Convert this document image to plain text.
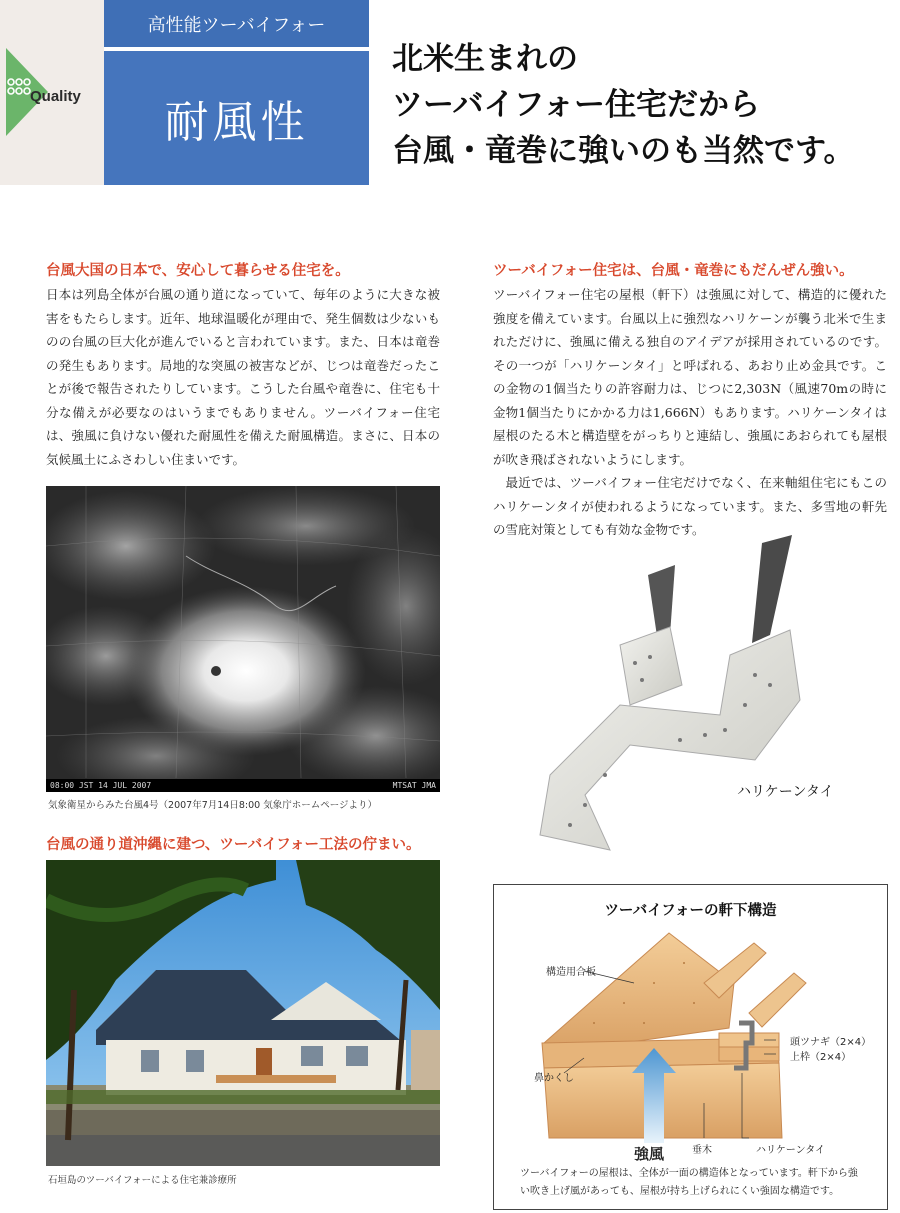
Quality
高性能ツーバイフォー
耐風性
北米生まれの
ツーバイフォー住宅だから
台風・竜巻に強いのも当然です。
台風大国の日本で、安心して暮らせる住宅を。
日本は列島全体が台風の通り道になっていて、毎年のように大きな被害をもたらします。近年、地球温暖化が理由で、発生個数は少ないものの台風の巨大化が進んでいると言われています。また、日本は竜巻の発生もあります。局地的な突風の被害などが、じつは竜巻だったことが後で報告されたりしています。こうした台風や竜巻に、住宅も十分な備えが必要なのはいうまでもありません。ツーバイフォー住宅は、強風に負けない優れた耐風性を備えた耐風構造。まさに、日本の気候風土にふさわしい住まいです。
08:00 JST 14 JUL 2007	MTSAT JMA
気象衛星からみた台風4号（2007年7月14日8:00 気象庁ホームページより）
台風の通り道沖縄に建つ、ツーバイフォー工法の佇まい。
石垣島のツーバイフォーによる住宅兼診療所
ツーバイフォー住宅は、台風・竜巻にもだんぜん強い。
ツーバイフォー住宅の屋根（軒下）は強風に対して、構造的に優れた強度を備えています。台風以上に強烈なハリケーンが襲う北米で生まれただけに、強風に備える独自のアイデアが採用されているのです。その一つが「ハリケーンタイ」と呼ばれる、あおり止め金具です。この金物の1個当たりの許容耐力は、じつに2,303N（風速70mの時に金物1個当たりにかかる力は1,666N）もあります。ハリケーンタイは屋根のたる木と構造壁をがっちりと連結し、強風にあおられても屋根が吹き飛ばされないようにします。
最近では、ツーバイフォー住宅だけでなく、在来軸組住宅にもこのハリケーンタイが使われるようになっています。また、多雪地の軒先の雪庇対策としても有効な金物です。
ハリケーンタイ
ツーバイフォーの軒下構造
構造用合板
鼻かくし
頭ツナギ（2×4）
上枠（2×4）
垂木	ハリケーンタイ
強風
ツーバイフォーの屋根は、全体が一面の構造体となっています。軒下から強い吹き上げ風があっても、屋根が持ち上げられにくい強固な構造です。
